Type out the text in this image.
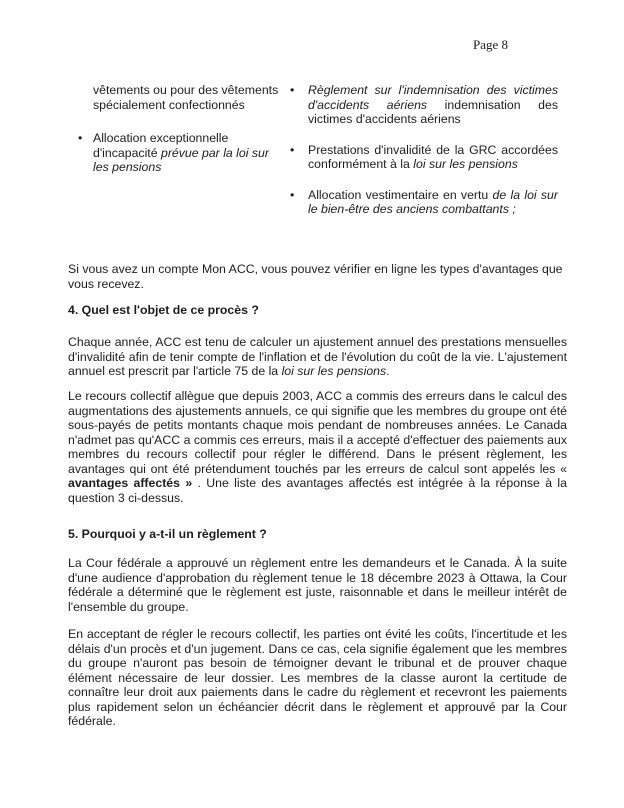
Page 8
vêtements ou pour des vêtements spécialement confectionnés
• Allocation exceptionnelle d'incapacité prévue par la loi sur les pensions
• Règlement sur l'indemnisation des victimes d'accidents aériens indemnisation des victimes d'accidents aériens
• Prestations d'invalidité de la GRC accordées conformément à la loi sur les pensions
• Allocation vestimentaire en vertu de la loi sur le bien-être des anciens combattants ;
Si vous avez un compte Mon ACC, vous pouvez vérifier en ligne les types d'avantages que vous recevez.
4. Quel est l'objet de ce procès ?
Chaque année, ACC est tenu de calculer un ajustement annuel des prestations mensuelles d'invalidité afin de tenir compte de l'inflation et de l'évolution du coût de la vie. L'ajustement annuel est prescrit par l'article 75 de la loi sur les pensions.
Le recours collectif allègue que depuis 2003, ACC a commis des erreurs dans le calcul des augmentations des ajustements annuels, ce qui signifie que les membres du groupe ont été sous-payés de petits montants chaque mois pendant de nombreuses années. Le Canada n'admet pas qu'ACC a commis ces erreurs, mais il a accepté d'effectuer des paiements aux membres du recours collectif pour régler le différend. Dans le présent règlement, les avantages qui ont été prétendument touchés par les erreurs de calcul sont appelés les « avantages affectés » . Une liste des avantages affectés est intégrée à la réponse à la question 3 ci-dessus.
5. Pourquoi y a-t-il un règlement ?
La Cour fédérale a approuvé un règlement entre les demandeurs et le Canada. À la suite d'une audience d'approbation du règlement tenue le 18 décembre 2023 à Ottawa, la Cour fédérale a déterminé que le règlement est juste, raisonnable et dans le meilleur intérêt de l'ensemble du groupe.
En acceptant de régler le recours collectif, les parties ont évité les coûts, l'incertitude et les délais d'un procès et d'un jugement. Dans ce cas, cela signifie également que les membres du groupe n'auront pas besoin de témoigner devant le tribunal et de prouver chaque élément nécessaire de leur dossier. Les membres de la classe auront la certitude de connaître leur droit aux paiements dans le cadre du règlement et recevront les paiements plus rapidement selon un échéancier décrit dans le règlement et approuvé par la Cour fédérale.
